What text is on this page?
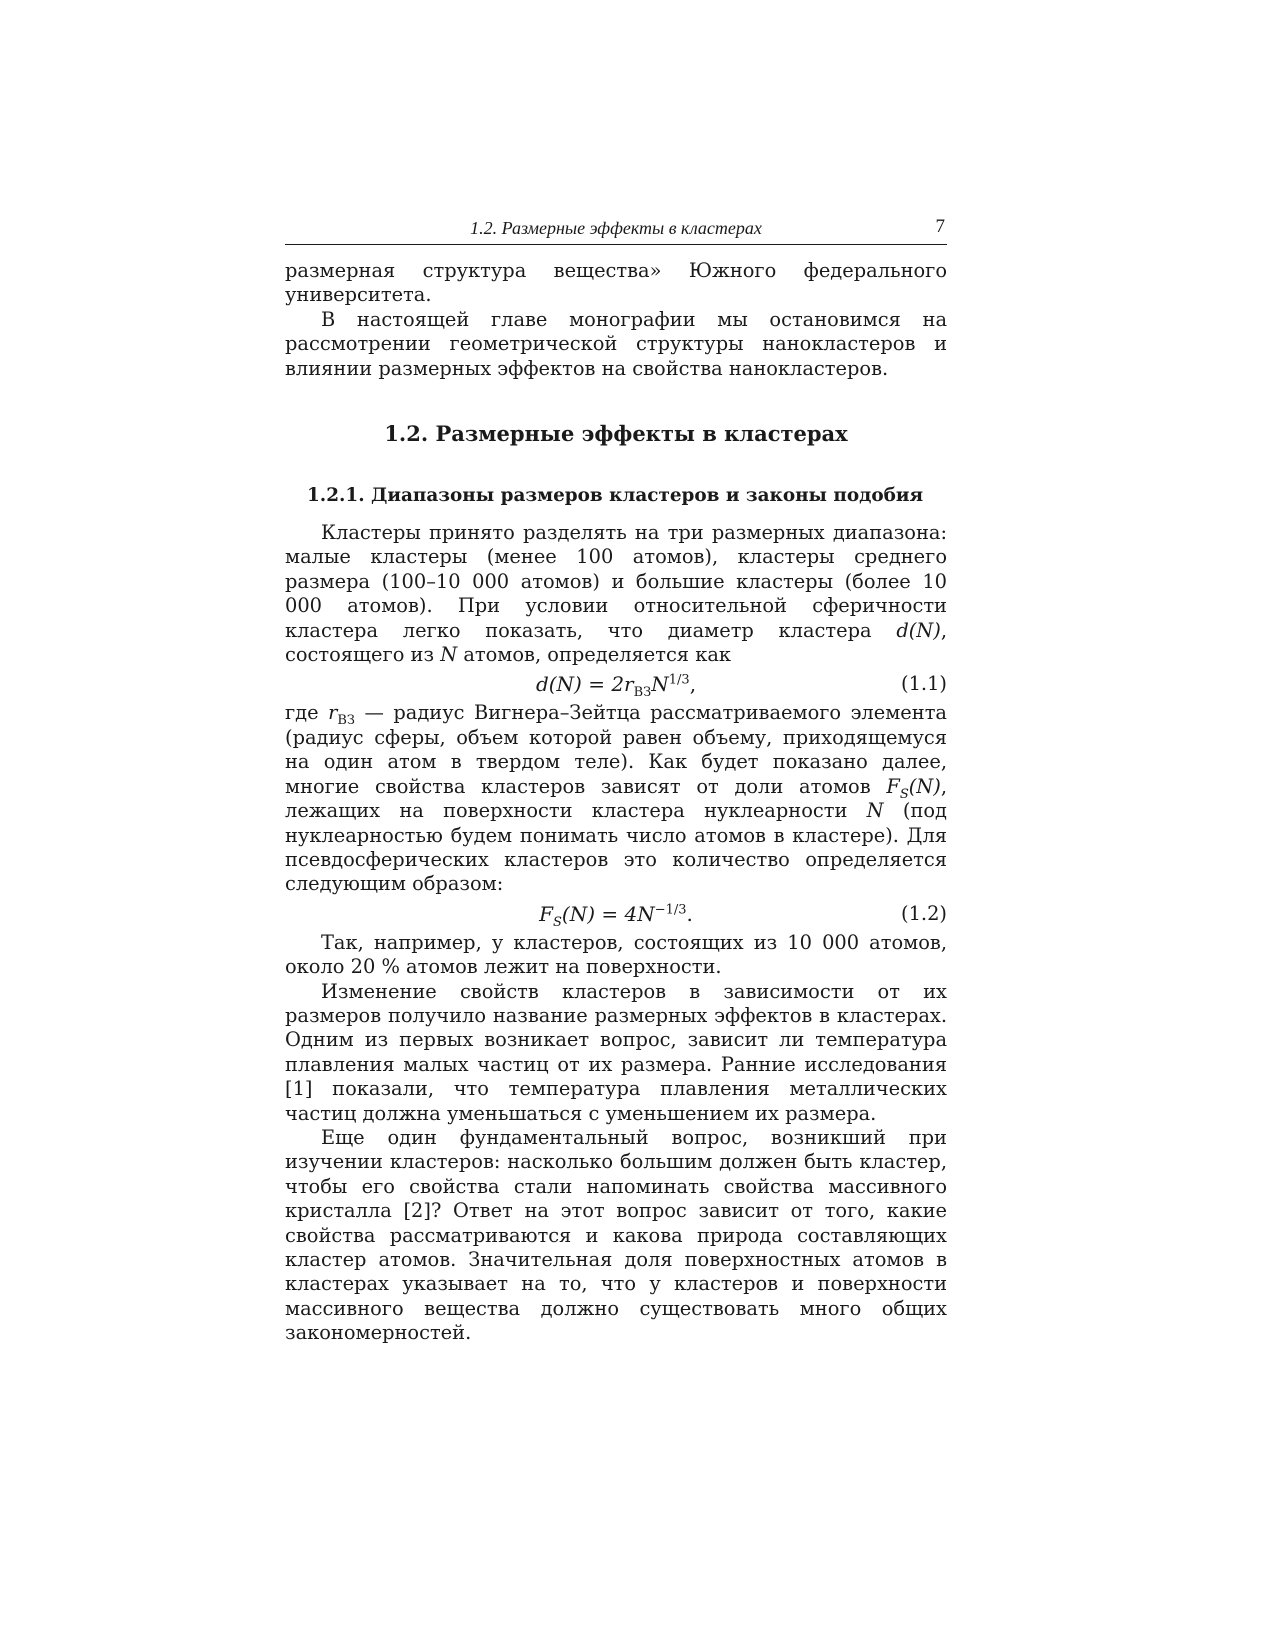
1.2. Размерные эффекты в кластерах	7

размерная структура вещества» Южного федерального университета.

В настоящей главе монографии мы остановимся на рассмотрении геометрической структуры нанокластеров и влиянии размерных эффектов на свойства нанокластеров.

1.2. Размерные эффекты в кластерах
1.2.1. Диапазоны размеров кластеров и законы подобия

Кластеры принято разделять на три размерных диапазона: малые кластеры (менее 100 атомов), кластеры среднего размера (100–10 000 атомов) и большие кластеры (более 10 000 атомов). При условии относительной сферичности кластера легко показать, что диаметр кластера d(N), состоящего из N атомов, определяется как

$d(N) = 2r_{ВЗ}N^{1/3}$,	(1.1)

где $r_{ВЗ}$ — радиус Вигнера–Зейтца рассматриваемого элемента (радиус сферы, объем которой равен объему, приходящемуся на один атом в твердом теле). Как будет показано далее, многие свойства кластеров зависят от доли атомов $F_S(N)$, лежащих на поверхности кластера нуклеарности N (под нуклеарностью будем понимать число атомов в кластере). Для псевдосферических кластеров это количество определяется следующим образом:

$F_S(N) = 4N^{-1/3}$.	(1.2)

Так, например, у кластеров, состоящих из 10 000 атомов, около 20 % атомов лежит на поверхности.

Изменение свойств кластеров в зависимости от их размеров получило название размерных эффектов в кластерах. Одним из первых возникает вопрос, зависит ли температура плавления малых частиц от их размера. Ранние исследования [1] показали, что температура плавления металлических частиц должна уменьшаться с уменьшением их размера.

Еще один фундаментальный вопрос, возникший при изучении кластеров: насколько большим должен быть кластер, чтобы его свойства стали напоминать свойства массивного кристалла [2]? Ответ на этот вопрос зависит от того, какие свойства рассматриваются и какова природа составляющих кластер атомов. Значительная доля поверхностных атомов в кластерах указывает на то, что у кластеров и поверхности массивного вещества должно существовать много общих закономерностей.
